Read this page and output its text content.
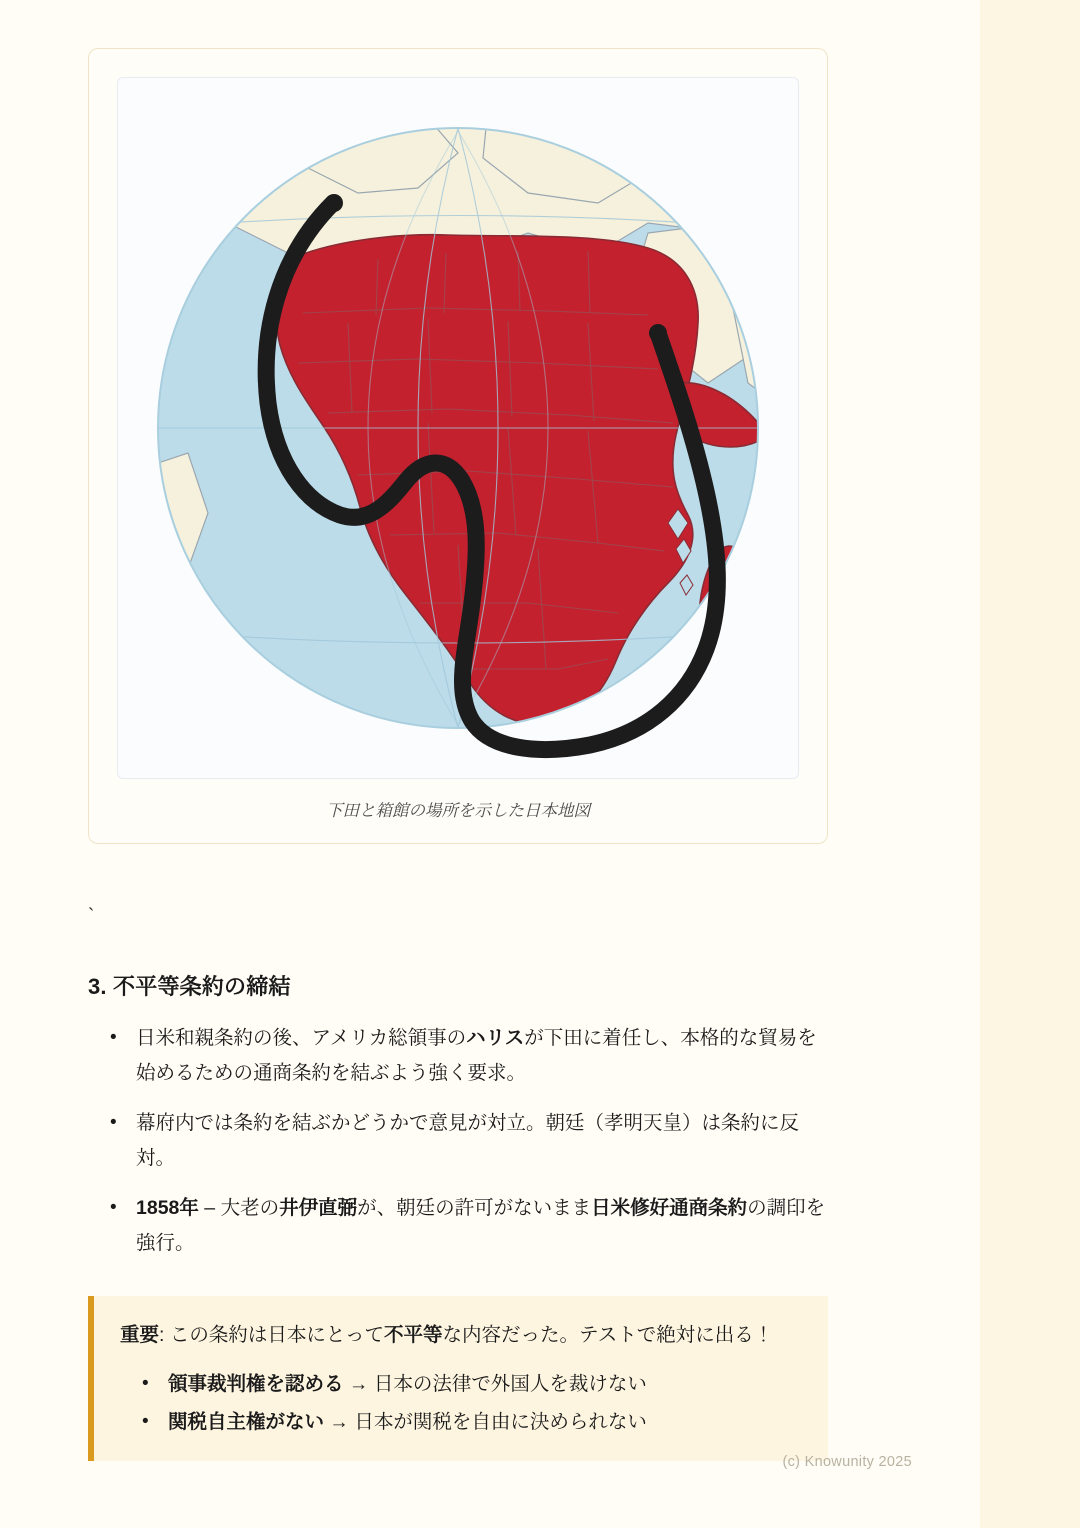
下田と箱館の場所を示した日本地図
`
3. 不平等条約の締結
• 日米和親条約の後、アメリカ総領事のハリスが下田に着任し、本格的な貿易を始めるための通商条約を結ぶよう強く要求。
• 幕府内では条約を結ぶかどうかで意見が対立。朝廷（孝明天皇）は条約に反対。
• 1858年 – 大老の井伊直弼が、朝廷の許可がないまま日米修好通商条約の調印を強行。

重要: この条約は日本にとって不平等な内容だった。テストで絶対に出る！

• 領事裁判権を認める → 日本の法律で外国人を裁けない
• 関税自主権がない → 日本が関税を自由に決められない
(c) Knowunity 2025
